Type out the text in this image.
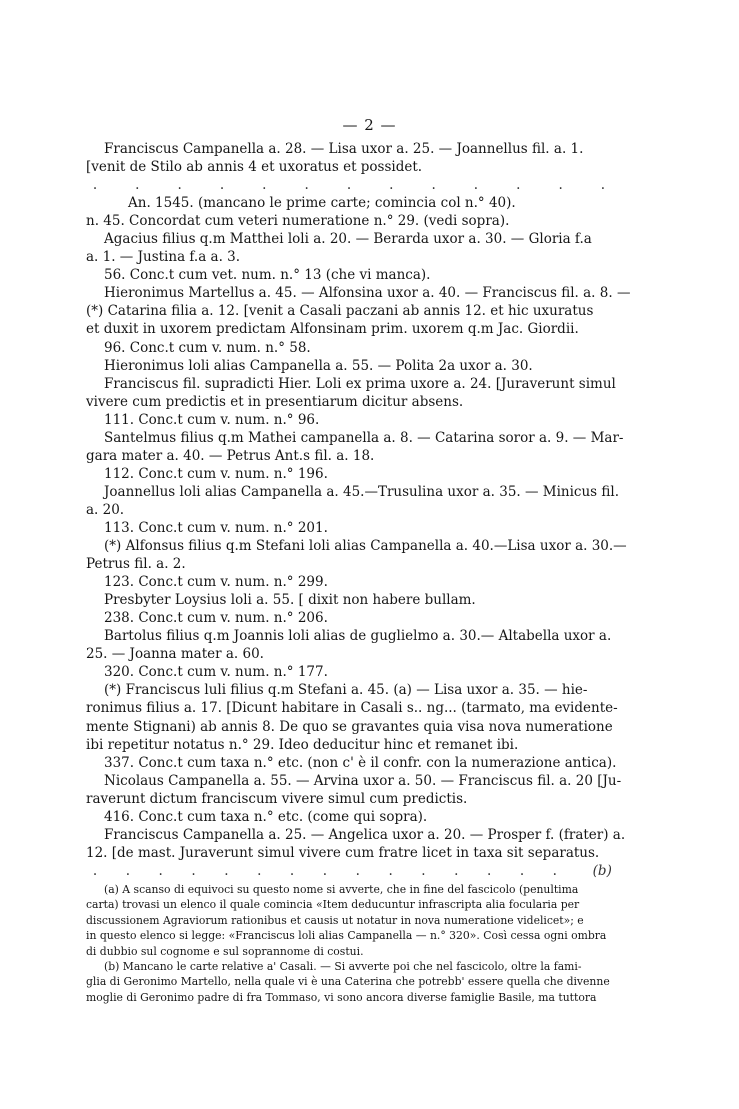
— 2 —
Franciscus Campanella a. 28. — Lisa uxor a. 25. — Joannellus fil. a. 1.
[venit de Stilo ab annis 4 et uxoratus et possidet.
.	.	.	.	.	.	.	.	.	.	.	.	.
An. 1545. (mancano le prime carte; comincia col n.° 40).
n. 45. Concordat cum veteri numeratione n.° 29. (vedi sopra).
Agacius filius q.m Matthei loli a. 20. — Berarda uxor a. 30. — Gloria f.a
a. 1. — Justina f.a a. 3.
56. Conc.t cum vet. num. n.° 13 (che vi manca).
Hieronimus Martellus a. 45. — Alfonsina uxor a. 40. — Franciscus fil. a. 8. —
(*) Catarina filia a. 12. [venit a Casali paczani ab annis 12. et hic uxuratus
et duxit in uxorem predictam Alfonsinam prim. uxorem q.m Jac. Giordii.
96. Conc.t cum v. num. n.° 58.
Hieronimus loli alias Campanella a. 55. — Polita 2a uxor a. 30.
Franciscus fil. supradicti Hier. Loli ex prima uxore a. 24. [Juraverunt simul
vivere cum predictis et in presentiarum dicitur absens.
111. Conc.t cum v. num. n.° 96.
Santelmus filius q.m Mathei campanella a. 8. — Catarina soror a. 9. — Mar-
gara mater a. 40. — Petrus Ant.s fil. a. 18.
112. Conc.t cum v. num. n.° 196.
Joannellus loli alias Campanella a. 45.—Trusulina uxor a. 35. — Minicus fil.
a. 20.
113. Conc.t cum v. num. n.° 201.
(*) Alfonsus filius q.m Stefani loli alias Campanella a. 40.—Lisa uxor a. 30.—
Petrus fil. a. 2.
123. Conc.t cum v. num. n.° 299.
Presbyter Loysius loli a. 55. [ dixit non habere bullam.
238. Conc.t cum v. num. n.° 206.
Bartolus filius q.m Joannis loli alias de guglielmo a. 30.— Altabella uxor a.
25. — Joanna mater a. 60.
320. Conc.t cum v. num. n.° 177.
(*) Franciscus luli filius q.m Stefani a. 45. (a) — Lisa uxor a. 35. — hie-
ronimus filius a. 17. [Dicunt habitare in Casali s.. ng... (tarmato, ma evidente-
mente Stignani) ab annis 8. De quo se gravantes quia visa nova numeratione
ibi repetitur notatus n.° 29. Ideo deducitur hinc et remanet ibi.
337. Conc.t cum taxa n.° etc. (non c' è il confr. con la numerazione antica).
Nicolaus Campanella a. 55. — Arvina uxor a. 50. — Franciscus fil. a. 20 [Ju-
raverunt dictum franciscum vivere simul cum predictis.
416. Conc.t cum taxa n.° etc. (come qui sopra).
Franciscus Campanella a. 25. — Angelica uxor a. 20. — Prosper f. (frater) a.
12. [de mast. Juraverunt simul vivere cum fratre licet in taxa sit separatus.
. . . . . . . . . . . . . . .	(b)
(a) A scanso di equivoci su questo nome si avverte, che in fine del fascicolo (penultima
carta) trovasi un elenco il quale comincia «Item deducuntur infrascripta alia focularia per
discussionem Agraviorum rationibus et causis ut notatur in nova numeratione videlicet»; e
in questo elenco si legge: «Franciscus loli alias Campanella — n.° 320». Così cessa ogni ombra
di dubbio sul cognome e sul soprannome di costui.
(b) Mancano le carte relative a' Casali. — Si avverte poi che nel fascicolo, oltre la fami-
glia di Geronimo Martello, nella quale vi è una Caterina che potrebb' essere quella che divenne
moglie di Geronimo padre di fra Tommaso, vi sono ancora diverse famiglie Basile, ma tuttora
